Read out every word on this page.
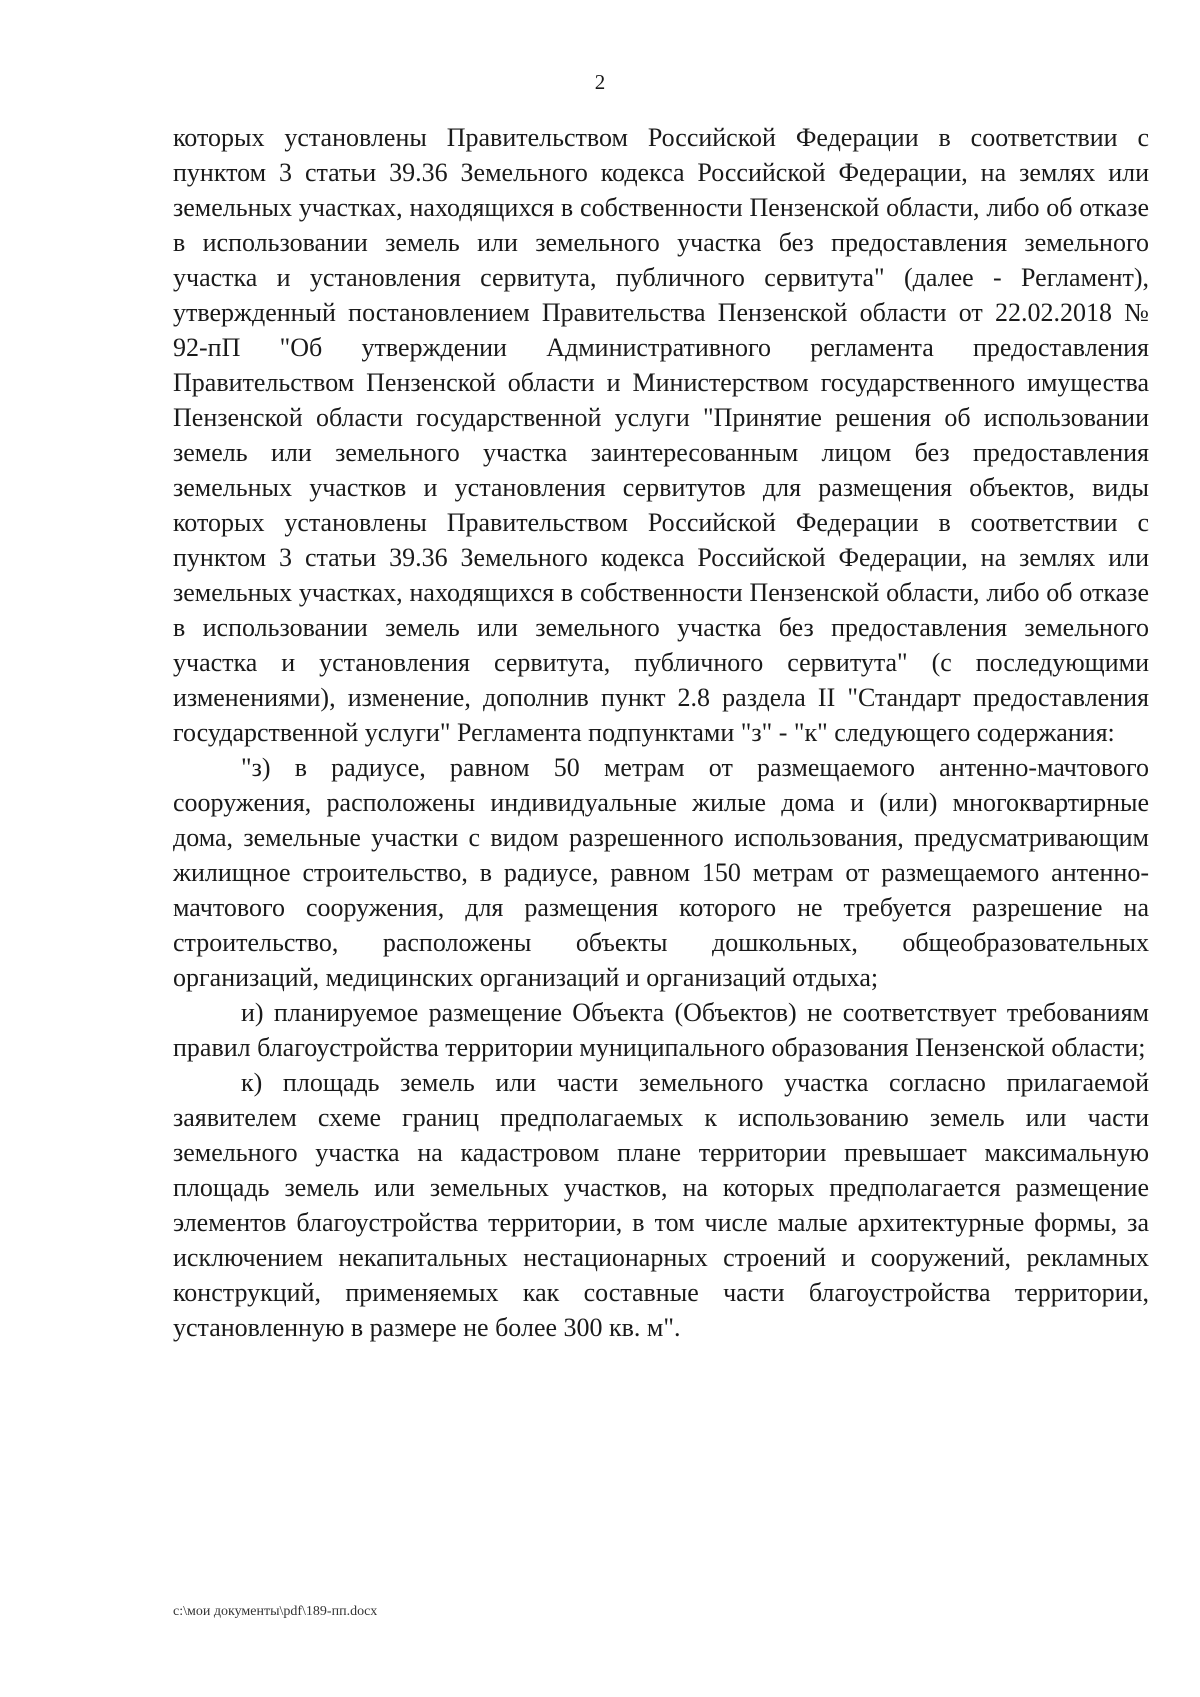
2

которых установлены Правительством Российской Федерации в соответствии с пунктом 3 статьи 39.36 Земельного кодекса Российской Федерации, на землях или земельных участках, находящихся в собственности Пензенской области, либо об отказе в использовании земель или земельного участка без предоставления земельного участка и установления сервитута, публичного сервитута" (далее - Регламент), утвержденный постановлением Правительства Пензенской области от 22.02.2018 № 92-пП "Об утверждении Административного регламента предоставления Правительством Пензенской области и Министерством государственного имущества Пензенской области государственной услуги "Принятие решения об использовании земель или земельного участка заинтересованным лицом без предоставления земельных участков и установления сервитутов для размещения объектов, виды которых установлены Правительством Российской Федерации в соответствии с пунктом 3 статьи 39.36 Земельного кодекса Российской Федерации, на землях или земельных участках, находящихся в собственности Пензенской области, либо об отказе в использовании земель или земельного участка без предоставления земельного участка и установления сервитута, публичного сервитута" (с последующими изменениями), изменение, дополнив пункт 2.8 раздела II "Стандарт предоставления государственной услуги" Регламента подпунктами "з" - "к" следующего содержания:

"з) в радиусе, равном 50 метрам от размещаемого антенно-мачтового сооружения, расположены индивидуальные жилые дома и (или) многоквартирные дома, земельные участки с видом разрешенного использования, предусматривающим жилищное строительство, в радиусе, равном 150 метрам от размещаемого антенно-мачтового сооружения, для размещения которого не требуется разрешение на строительство, расположены объекты дошкольных, общеобразовательных организаций, медицинских организаций и организаций отдыха;

и) планируемое размещение Объекта (Объектов) не соответствует требованиям правил благоустройства территории муниципального образования Пензенской области;

к) площадь земель или части земельного участка согласно прилагаемой заявителем схеме границ предполагаемых к использованию земель или части земельного участка на кадастровом плане территории превышает максимальную площадь земель или земельных участков, на которых предполагается размещение элементов благоустройства территории, в том числе малые архитектурные формы, за исключением некапитальных нестационарных строений и сооружений, рекламных конструкций, применяемых как составные части благоустройства территории, установленную в размере не более 300 кв. м".

c:\мои документы\pdf\189-пп.docx
